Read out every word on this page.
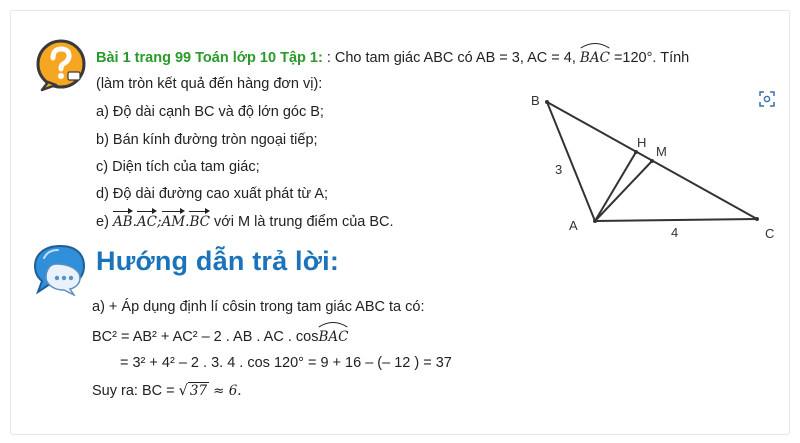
Bài 1 trang 99 Toán lớp 10 Tập 1: : Cho tam giác ABC có AB = 3, AC = 4, BAC =120°. Tính
(làm tròn kết quả đến hàng đơn vị):
a) Độ dài cạnh BC và độ lớn góc B;
b) Bán kính đường tròn ngoại tiếp;
c) Diện tích của tam giác;
d) Độ dài đường cao xuất phát từ A;
e) AB.AC;AM.BC với M là trung điểm của BC.
B
C
A
H
M
3
4
Hướng dẫn trả lời:
a) + Áp dụng định lí côsin trong tam giác ABC ta có:
BC² = AB² + AC² – 2 . AB . AC . cos
BAC
= 3² + 4² – 2 . 3. 4 . cos 120° = 9 + 16 – (– 12 ) = 37
Suy ra: BC = √ 37 ≈ 6.
